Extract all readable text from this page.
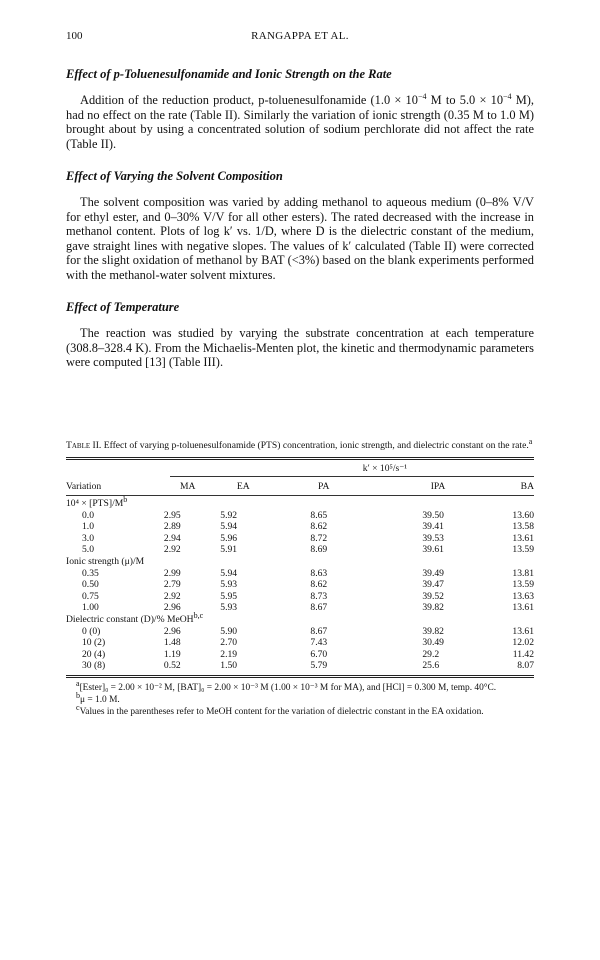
100	RANGAPPA ET AL.
Effect of p-Toluenesulfonamide and Ionic Strength on the Rate

Addition of the reduction product, p-toluenesulfonamide ($1.0 \times 10^{-4}$ M to $5.0 \times 10^{-4}$ M), had no effect on the rate (Table II). Similarly the variation of ionic strength (0.35 M to 1.0 M) brought about by using a concentrated solution of sodium perchlorate did not affect the rate (Table II).

Effect of Varying the Solvent Composition

The solvent composition was varied by adding methanol to aqueous medium (0–8% V/V for ethyl ester, and 0–30% V/V for all other esters). The rated decreased with the increase in methanol content. Plots of log k′ vs. 1/D, where D is the dielectric constant of the medium, gave straight lines with negative slopes. The values of k′ calculated (Table II) were corrected for the slight oxidation of methanol by BAT (<3%) based on the blank experiments performed with the methanol-water solvent mixtures.

Effect of Temperature

The reaction was studied by varying the substrate concentration at each temperature (308.8–328.4 K). From the Michaelis-Menten plot, the kinetic and thermodynamic parameters were computed [13] (Table III).

Table II. Effect of varying p-toluenesulfonamide (PTS) concentration, ionic strength, and dielectric constant on the rate.$^a$
k′ × 10⁵/s⁻¹
Variation	MA	EA	PA	IPA	BA
$10^4 \times [PTS]/M^b$
0.0	2.95	5.92	8.65	39.50	13.60
1.0	2.89	5.94	8.62	39.41	13.58
3.0	2.94	5.96	8.72	39.53	13.61
5.0	2.92	5.91	8.69	39.61	13.59
Ionic strength (μ)/M					
0.35	2.99	5.94	8.63	39.49	13.81
0.50	2.79	5.93	8.62	39.47	13.59
0.75	2.92	5.95	8.73	39.52	13.63
1.00	2.96	5.93	8.67	39.82	13.61
Dielectric constant (D)/% MeOH$^{b,c}$
0 (0)	2.96	5.90	8.67	39.82	13.61
10 (2)	1.48	2.70	7.43	30.49	12.02
20 (4)	1.19	2.19	6.70	29.2	11.42
30 (8)	0.52	1.50	5.79	25.6	8.07

$^a$[Ester]₀ = 2.00 × 10⁻² M, [BAT]₀ = 2.00 × 10⁻³ M (1.00 × 10⁻³ M for MA), and [HCl] = 0.300 M, temp. 40°C.

$^b$μ = 1.0 M.

$^c$Values in the parentheses refer to MeOH content for the variation of dielectric constant in the EA oxidation.
